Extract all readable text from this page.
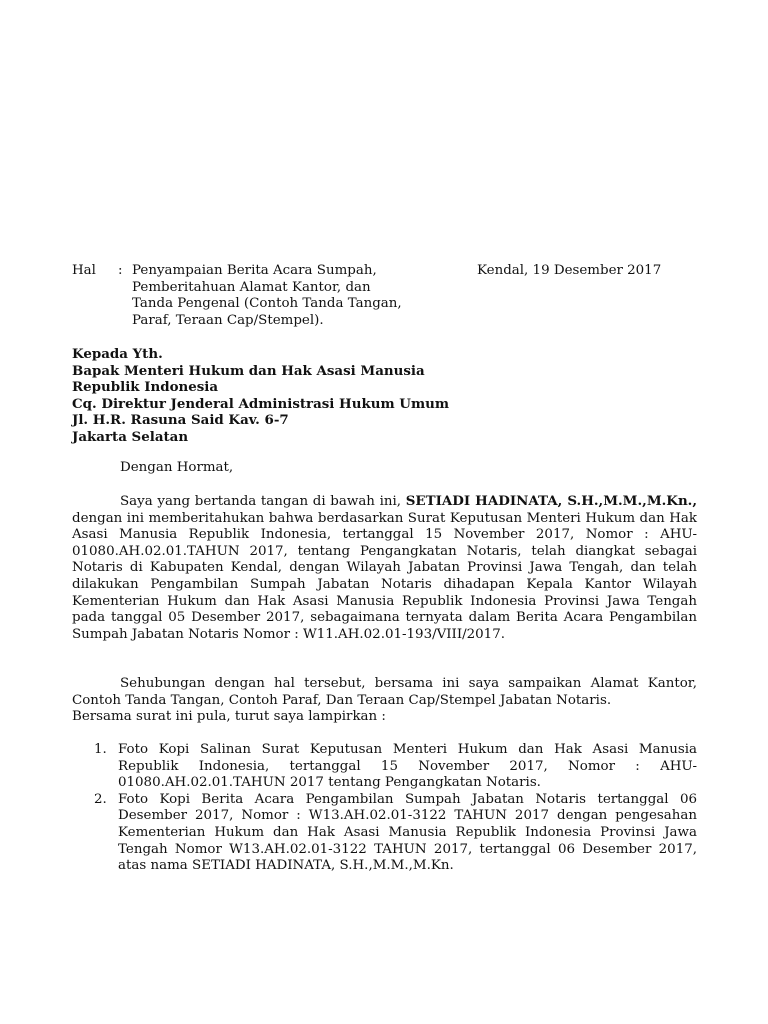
Hal : Penyampaian Berita Acara Sumpah,
Pemberitahuan Alamat Kantor, dan
Tanda Pengenal (Contoh Tanda Tangan,
Paraf, Teraan Cap/Stempel).
Kendal, 19 Desember 2017
Kepada Yth.
Bapak Menteri Hukum dan Hak Asasi Manusia
Republik Indonesia
Cq. Direktur Jenderal Administrasi Hukum Umum
Jl. H.R. Rasuna Said Kav. 6-7
Jakarta Selatan
Dengan Hormat,

Saya yang bertanda tangan di bawah ini, SETIADI HADINATA, S.H.,M.M.,M.Kn., dengan ini memberitahukan bahwa berdasarkan Surat Keputusan Menteri Hukum dan Hak Asasi Manusia Republik Indonesia, tertanggal 15 November 2017, Nomor : AHU-01080.AH.02.01.TAHUN 2017, tentang Pengangkatan Notaris, telah diangkat sebagai Notaris di Kabupaten Kendal, dengan Wilayah Jabatan Provinsi Jawa Tengah, dan telah dilakukan Pengambilan Sumpah Jabatan Notaris dihadapan Kepala Kantor Wilayah Kementerian Hukum dan Hak Asasi Manusia Republik Indonesia Provinsi Jawa Tengah pada tanggal 05 Desember 2017, sebagaimana ternyata dalam Berita Acara Pengambilan Sumpah Jabatan Notaris Nomor : W11.AH.02.01-193/VIII/2017.

Sehubungan dengan hal tersebut, bersama ini saya sampaikan Alamat Kantor, Contoh Tanda Tangan, Contoh Paraf, Dan Teraan Cap/Stempel Jabatan Notaris.

Bersama surat ini pula, turut saya lampirkan :
1. Foto Kopi Salinan Surat Keputusan Menteri Hukum dan Hak Asasi Manusia Republik Indonesia, tertanggal 15 November 2017, Nomor : AHU-01080.AH.02.01.TAHUN 2017 tentang Pengangkatan Notaris.
2. Foto Kopi Berita Acara Pengambilan Sumpah Jabatan Notaris tertanggal 06 Desember 2017, Nomor : W13.AH.02.01-3122 TAHUN 2017 dengan pengesahan Kementerian Hukum dan Hak Asasi Manusia Republik Indonesia Provinsi Jawa Tengah Nomor W13.AH.02.01-3122 TAHUN 2017, tertanggal 06 Desember 2017, atas nama SETIADI HADINATA, S.H.,M.M.,M.Kn.
